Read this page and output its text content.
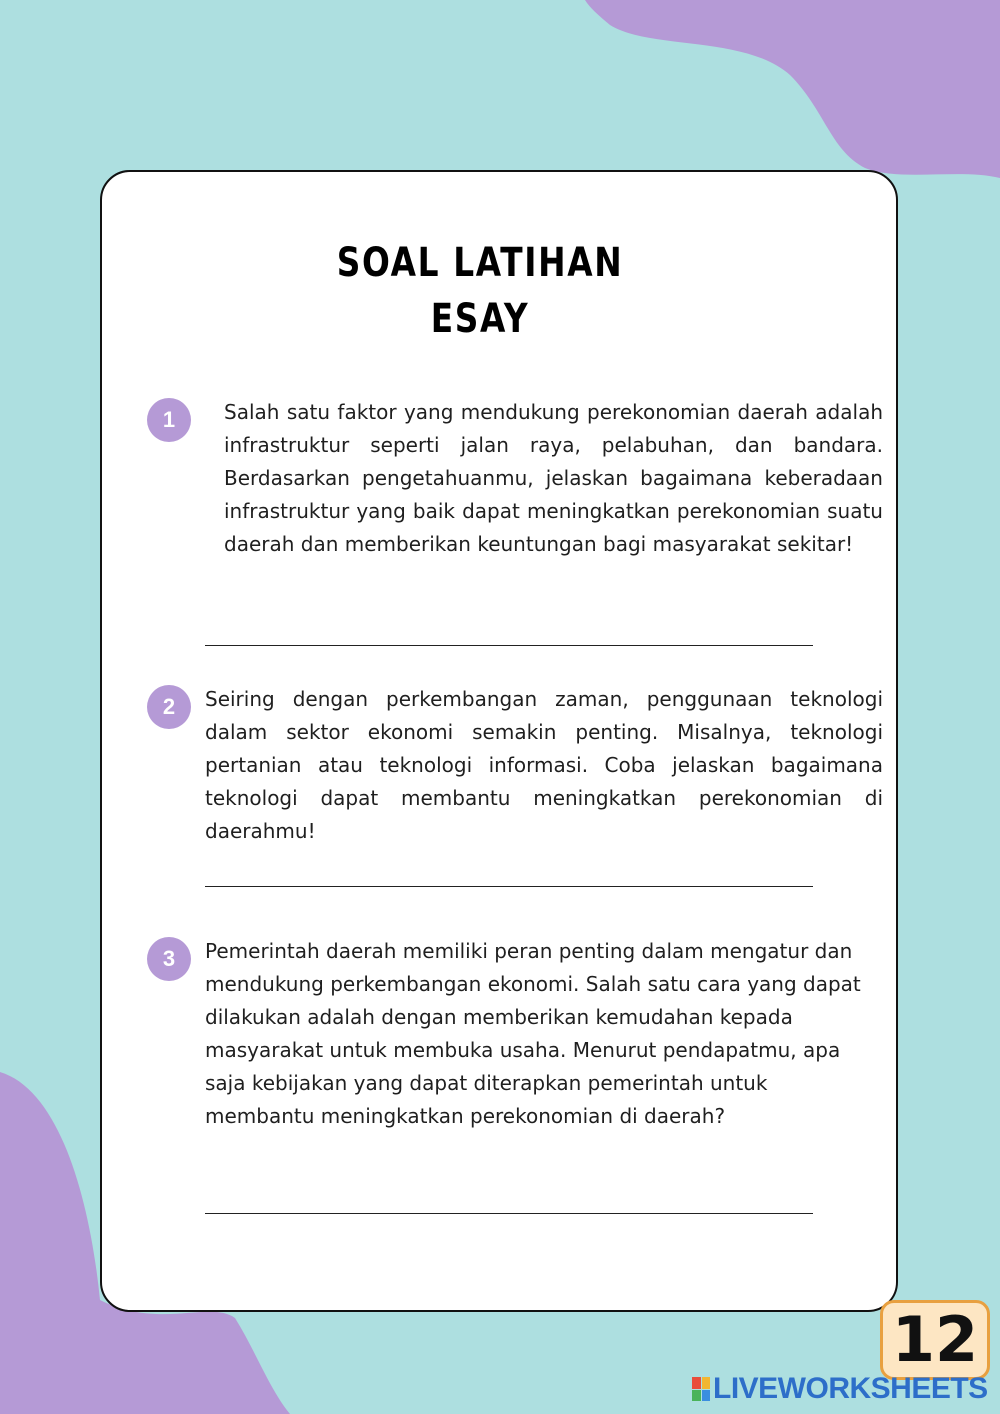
SOAL LATIHAN
ESAY
1	Salah satu faktor yang mendukung perekonomian daerah adalah infrastruktur seperti jalan raya, pelabuhan, dan bandara. Berdasarkan pengetahuanmu, jelaskan bagaimana keberadaan infrastruktur yang baik dapat meningkatkan perekonomian suatu daerah dan memberikan keuntungan bagi masyarakat sekitar!

2	Seiring dengan perkembangan zaman, penggunaan teknologi dalam sektor ekonomi semakin penting. Misalnya, teknologi pertanian atau teknologi informasi. Coba jelaskan bagaimana teknologi dapat membantu meningkatkan perekonomian di daerahmu!

3	Pemerintah daerah memiliki peran penting dalam mengatur dan mendukung perkembangan ekonomi. Salah satu cara yang dapat dilakukan adalah dengan memberikan kemudahan kepada masyarakat untuk membuka usaha. Menurut pendapatmu, apa saja kebijakan yang dapat diterapkan pemerintah untuk membantu meningkatkan perekonomian di daerah?

12
LIVEWORKSHEETS
